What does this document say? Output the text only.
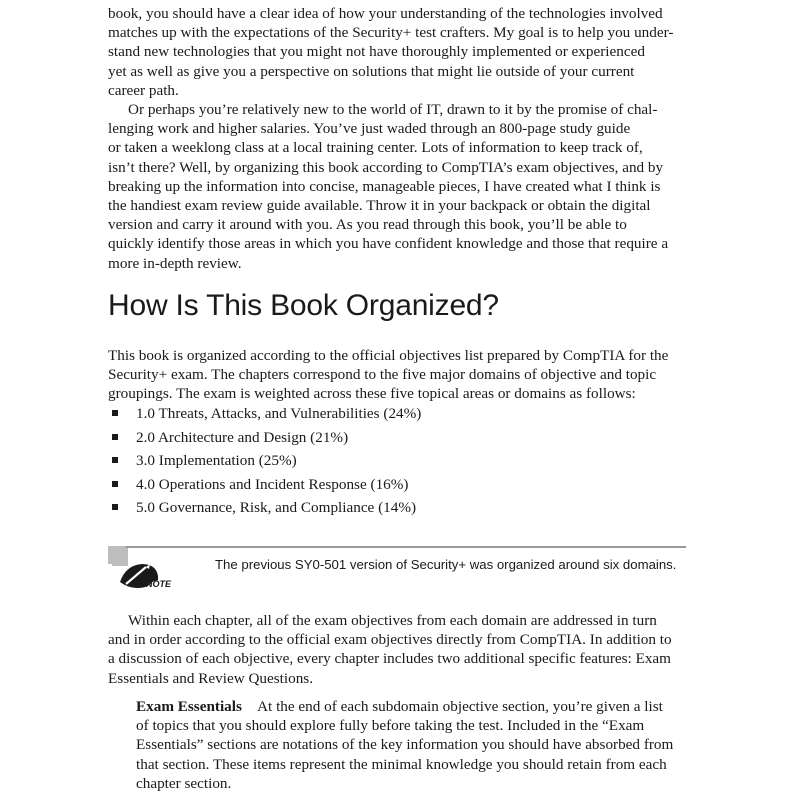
book, you should have a clear idea of how your understanding of the technologies involved
matches up with the expectations of the Security+ test crafters. My goal is to help you under-
stand new technologies that you might not have thoroughly implemented or experienced
yet as well as give you a perspective on solutions that might lie outside of your current
career path.

Or perhaps you’re relatively new to the world of IT, drawn to it by the promise of chal-
lenging work and higher salaries. You’ve just waded through an 800-page study guide
or taken a weeklong class at a local training center. Lots of information to keep track of,
isn’t there? Well, by organizing this book according to CompTIA’s exam objectives, and by
breaking up the information into concise, manageable pieces, I have created what I think is
the handiest exam review guide available. Throw it in your backpack or obtain the digital
version and carry it around with you. As you read through this book, you’ll be able to
quickly identify those areas in which you have confident knowledge and those that require a
more in-depth review.

How Is This Book Organized?

This book is organized according to the official objectives list prepared by CompTIA for the
Security+ exam. The chapters correspond to the five major domains of objective and topic
groupings. The exam is weighted across these five topical areas or domains as follows:

1.0 Threats, Attacks, and Vulnerabilities (24%)
2.0 Architecture and Design (21%)
3.0 Implementation (25%)
4.0 Operations and Incident Response (16%)
5.0 Governance, Risk, and Compliance (14%)
NOTE
The previous SY0-501 version of Security+ was organized around six domains.

Within each chapter, all of the exam objectives from each domain are addressed in turn
and in order according to the official exam objectives directly from CompTIA. In addition to
a discussion of each objective, every chapter includes two additional specific features: Exam
Essentials and Review Questions.

Exam Essentials At the end of each subdomain objective section, you’re given a list
of topics that you should explore fully before taking the test. Included in the “Exam
Essentials” sections are notations of the key information you should have absorbed from
that section. These items represent the minimal knowledge you should retain from each
chapter section.
